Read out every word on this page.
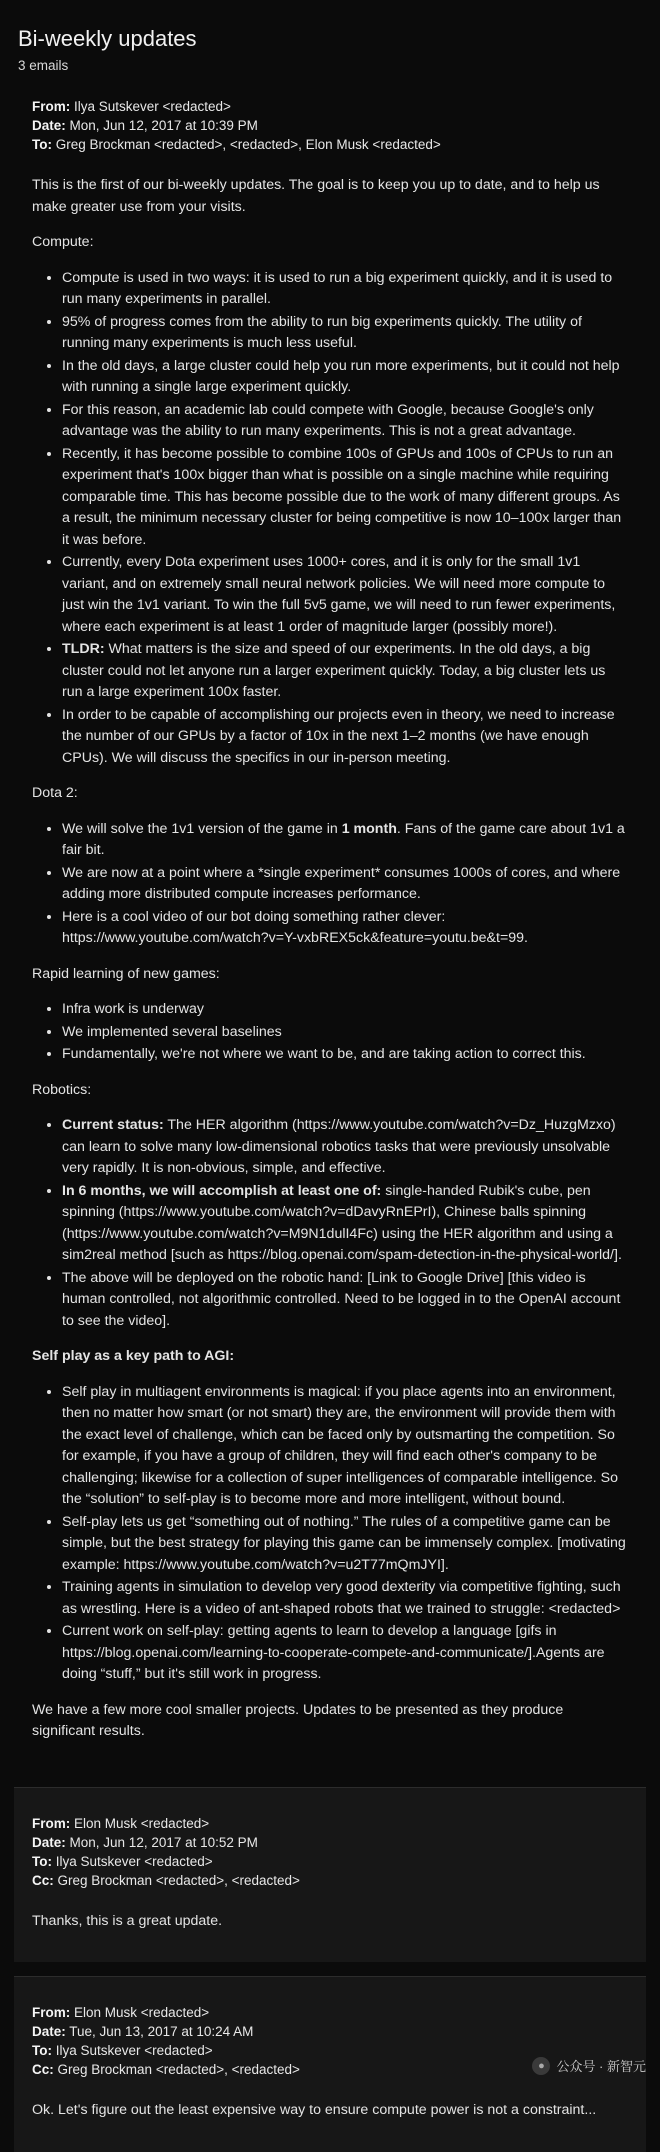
Bi-weekly updates
3 emails
From: Ilya Sutskever <redacted>
Date: Mon, Jun 12, 2017 at 10:39 PM
To: Greg Brockman <redacted>, <redacted>, Elon Musk <redacted>

This is the first of our bi-weekly updates. The goal is to keep you up to date, and to help us make greater use from your visits.

Compute:

• Compute is used in two ways: it is used to run a big experiment quickly, and it is used to run many experiments in parallel.
• 95% of progress comes from the ability to run big experiments quickly. The utility of running many experiments is much less useful.
• In the old days, a large cluster could help you run more experiments, but it could not help with running a single large experiment quickly.
• For this reason, an academic lab could compete with Google, because Google's only advantage was the ability to run many experiments. This is not a great advantage.
• Recently, it has become possible to combine 100s of GPUs and 100s of CPUs to run an experiment that's 100x bigger than what is possible on a single machine while requiring comparable time. This has become possible due to the work of many different groups. As a result, the minimum necessary cluster for being competitive is now 10–100x larger than it was before.
• Currently, every Dota experiment uses 1000+ cores, and it is only for the small 1v1 variant, and on extremely small neural network policies. We will need more compute to just win the 1v1 variant. To win the full 5v5 game, we will need to run fewer experiments, where each experiment is at least 1 order of magnitude larger (possibly more!).
• TLDR: What matters is the size and speed of our experiments. In the old days, a big cluster could not let anyone run a larger experiment quickly. Today, a big cluster lets us run a large experiment 100x faster.
• In order to be capable of accomplishing our projects even in theory, we need to increase the number of our GPUs by a factor of 10x in the next 1–2 months (we have enough CPUs). We will discuss the specifics in our in-person meeting.

Dota 2:

• We will solve the 1v1 version of the game in 1 month. Fans of the game care about 1v1 a fair bit.
• We are now at a point where a *single experiment* consumes 1000s of cores, and where adding more distributed compute increases performance.
• Here is a cool video of our bot doing something rather clever: https://www.youtube.com/watch?v=Y-vxbREX5ck&feature=youtu.be&t=99.

Rapid learning of new games:

• Infra work is underway
• We implemented several baselines
• Fundamentally, we're not where we want to be, and are taking action to correct this.

Robotics:

• Current status: The HER algorithm (https://www.youtube.com/watch?v=Dz_HuzgMzxo) can learn to solve many low-dimensional robotics tasks that were previously unsolvable very rapidly. It is non-obvious, simple, and effective.
• In 6 months, we will accomplish at least one of: single-handed Rubik's cube, pen spinning (https://www.youtube.com/watch?v=dDavyRnEPrI), Chinese balls spinning (https://www.youtube.com/watch?v=M9N1dulI4Fc) using the HER algorithm and using a sim2real method [such as https://blog.openai.com/spam-detection-in-the-physical-world/].
• The above will be deployed on the robotic hand: [Link to Google Drive] [this video is human controlled, not algorithmic controlled. Need to be logged in to the OpenAI account to see the video].

Self play as a key path to AGI:

• Self play in multiagent environments is magical: if you place agents into an environment, then no matter how smart (or not smart) they are, the environment will provide them with the exact level of challenge, which can be faced only by outsmarting the competition. So for example, if you have a group of children, they will find each other's company to be challenging; likewise for a collection of super intelligences of comparable intelligence. So the “solution” to self-play is to become more and more intelligent, without bound.
• Self-play lets us get “something out of nothing.” The rules of a competitive game can be simple, but the best strategy for playing this game can be immensely complex. [motivating example: https://www.youtube.com/watch?v=u2T77mQmJYI].
• Training agents in simulation to develop very good dexterity via competitive fighting, such as wrestling. Here is a video of ant-shaped robots that we trained to struggle: <redacted>
• Current work on self-play: getting agents to learn to develop a language [gifs in https://blog.openai.com/learning-to-cooperate-compete-and-communicate/].Agents are doing “stuff,” but it's still work in progress.

We have a few more cool smaller projects. Updates to be presented as they produce significant results.

From: Elon Musk <redacted>
Date: Mon, Jun 12, 2017 at 10:52 PM
To: Ilya Sutskever <redacted>
Cc: Greg Brockman <redacted>, <redacted>

Thanks, this is a great update.

From: Elon Musk <redacted>
Date: Tue, Jun 13, 2017 at 10:24 AM
To: Ilya Sutskever <redacted>
Cc: Greg Brockman <redacted>, <redacted>

Ok. Let's figure out the least expensive way to ensure compute power is not a constraint...

● 公众号 · 新智元
